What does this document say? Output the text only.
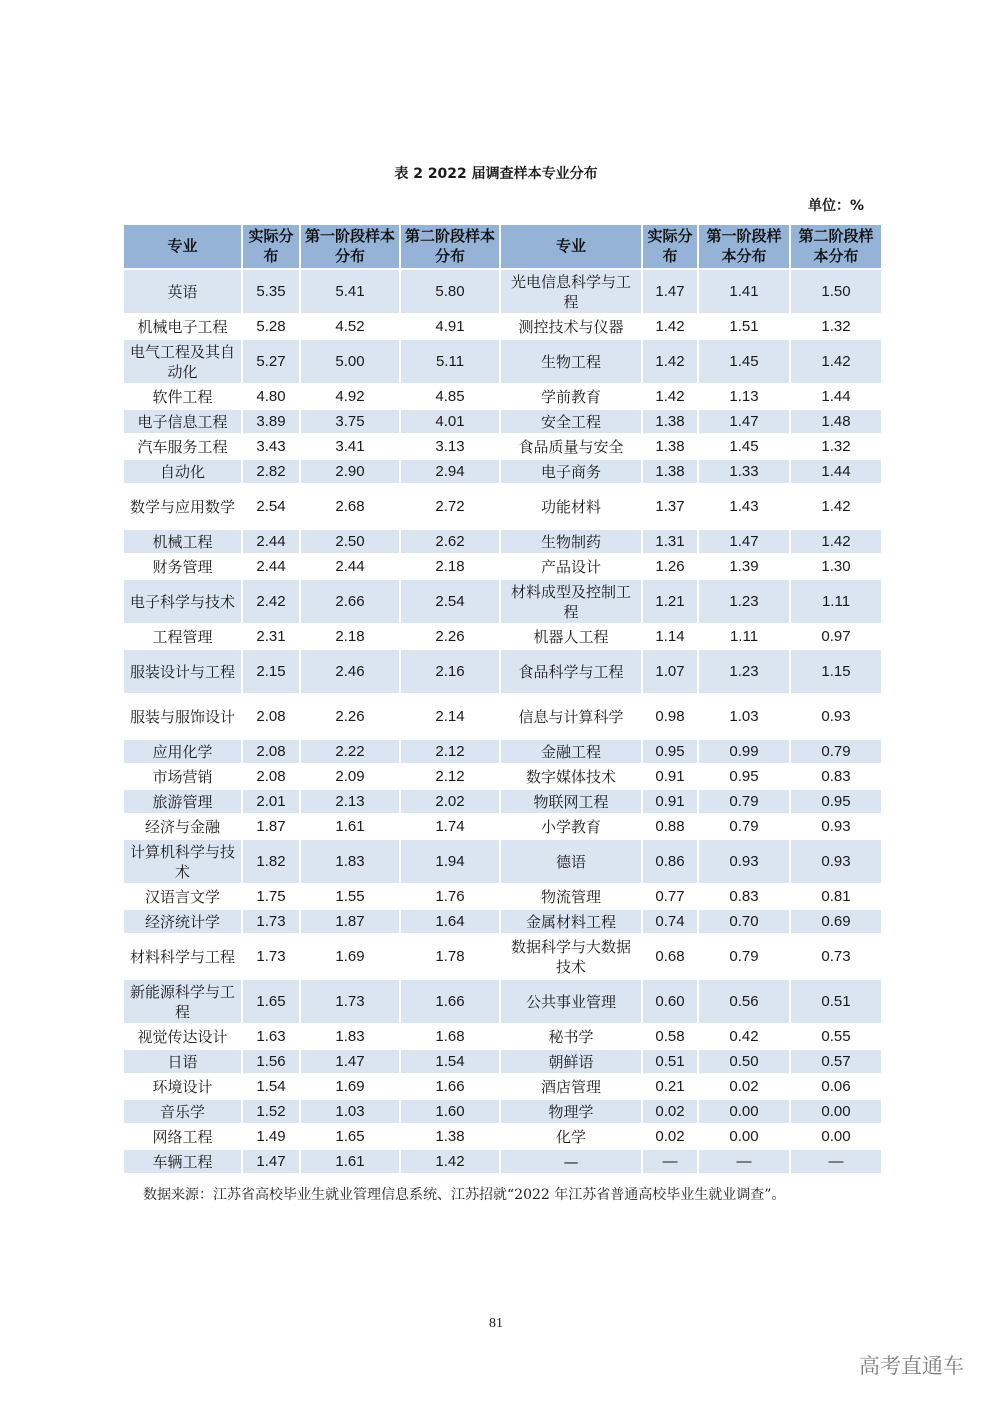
表 2 2022 届调查样本专业分布
单位：%
专业	实际分布	第一阶段样本分布	第二阶段样本分布	专业	实际分布	第一阶段样本分布	第二阶段样本分布
英语	5.35	5.41	5.80	光电信息科学与工程	1.47	1.41	1.50
机械电子工程	5.28	4.52	4.91	测控技术与仪器	1.42	1.51	1.32
电气工程及其自动化	5.27	5.00	5.11	生物工程	1.42	1.45	1.42
软件工程	4.80	4.92	4.85	学前教育	1.42	1.13	1.44
电子信息工程	3.89	3.75	4.01	安全工程	1.38	1.47	1.48
汽车服务工程	3.43	3.41	3.13	食品质量与安全	1.38	1.45	1.32
自动化	2.82	2.90	2.94	电子商务	1.38	1.33	1.44
数学与应用数学	2.54	2.68	2.72	功能材料	1.37	1.43	1.42
机械工程	2.44	2.50	2.62	生物制药	1.31	1.47	1.42
财务管理	2.44	2.44	2.18	产品设计	1.26	1.39	1.30
电子科学与技术	2.42	2.66	2.54	材料成型及控制工程	1.21	1.23	1.11
工程管理	2.31	2.18	2.26	机器人工程	1.14	1.11	0.97
服装设计与工程	2.15	2.46	2.16	食品科学与工程	1.07	1.23	1.15
服装与服饰设计	2.08	2.26	2.14	信息与计算科学	0.98	1.03	0.93
应用化学	2.08	2.22	2.12	金融工程	0.95	0.99	0.79
市场营销	2.08	2.09	2.12	数字媒体技术	0.91	0.95	0.83
旅游管理	2.01	2.13	2.02	物联网工程	0.91	0.79	0.95
经济与金融	1.87	1.61	1.74	小学教育	0.88	0.79	0.93
计算机科学与技术	1.82	1.83	1.94	德语	0.86	0.93	0.93
汉语言文学	1.75	1.55	1.76	物流管理	0.77	0.83	0.81
经济统计学	1.73	1.87	1.64	金属材料工程	0.74	0.70	0.69
材料科学与工程	1.73	1.69	1.78	数据科学与大数据技术	0.68	0.79	0.73
新能源科学与工程	1.65	1.73	1.66	公共事业管理	0.60	0.56	0.51
视觉传达设计	1.63	1.83	1.68	秘书学	0.58	0.42	0.55
日语	1.56	1.47	1.54	朝鲜语	0.51	0.50	0.57
环境设计	1.54	1.69	1.66	酒店管理	0.21	0.02	0.06
音乐学	1.52	1.03	1.60	物理学	0.02	0.00	0.00
网络工程	1.49	1.65	1.38	化学	0.02	0.00	0.00
车辆工程	1.47	1.61	1.42	—	—	—	—
数据来源：江苏省高校毕业生就业管理信息系统、江苏招就“2022 年江苏省普通高校毕业生就业调查”。
81
高考直通车
